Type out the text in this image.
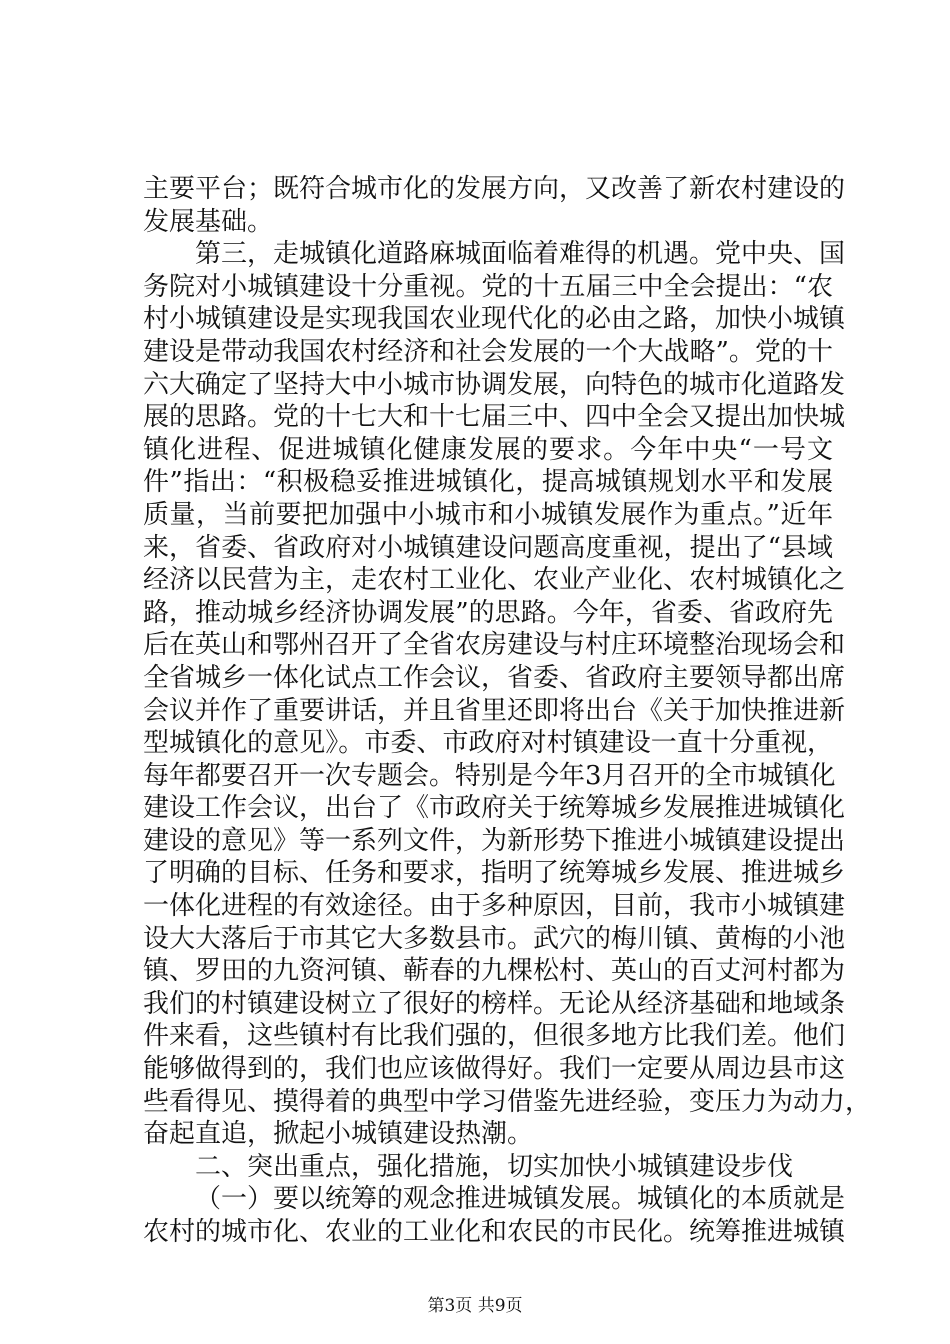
主要平台；既符合城市化的发展方向，又改善了新农村建设的
发展基础。
第三，走城镇化道路麻城面临着难得的机遇。党中央、国
务院对小城镇建设十分重视。党的十五届三中全会提出：“农
村小城镇建设是实现我国农业现代化的必由之路，加快小城镇
建设是带动我国农村经济和社会发展的一个大战略”。党的十
六大确定了坚持大中小城市协调发展，向特色的城市化道路发
展的思路。党的十七大和十七届三中、四中全会又提出加快城
镇化进程、促进城镇化健康发展的要求。今年中央“一号文
件”指出：“积极稳妥推进城镇化，提高城镇规划水平和发展
质量，当前要把加强中小城市和小城镇发展作为重点。”近年
来，省委、省政府对小城镇建设问题高度重视，提出了“县域
经济以民营为主，走农村工业化、农业产业化、农村城镇化之
路，推动城乡经济协调发展”的思路。今年，省委、省政府先
后在英山和鄂州召开了全省农房建设与村庄环境整治现场会和
全省城乡一体化试点工作会议，省委、省政府主要领导都出席
会议并作了重要讲话，并且省里还即将出台《关于加快推进新
型城镇化的意见》。市委、市政府对村镇建设一直十分重视，
每年都要召开一次专题会。特别是今年3月召开的全市城镇化
建设工作会议，出台了《市政府关于统筹城乡发展推进城镇化
建设的意见》等一系列文件，为新形势下推进小城镇建设提出
了明确的目标、任务和要求，指明了统筹城乡发展、推进城乡
一体化进程的有效途径。由于多种原因，目前，我市小城镇建
设大大落后于市其它大多数县市。武穴的梅川镇、黄梅的小池
镇、罗田的九资河镇、蕲春的九棵松村、英山的百丈河村都为
我们的村镇建设树立了很好的榜样。无论从经济基础和地域条
件来看，这些镇村有比我们强的，但很多地方比我们差。他们
能够做得到的，我们也应该做得好。我们一定要从周边县市这
些看得见、摸得着的典型中学习借鉴先进经验，变压力为动力，
奋起直追，掀起小城镇建设热潮。
二、突出重点，强化措施，切实加快小城镇建设步伐
（一）要以统筹的观念推进城镇发展。城镇化的本质就是
农村的城市化、农业的工业化和农民的市民化。统筹推进城镇
第3页 共9页
